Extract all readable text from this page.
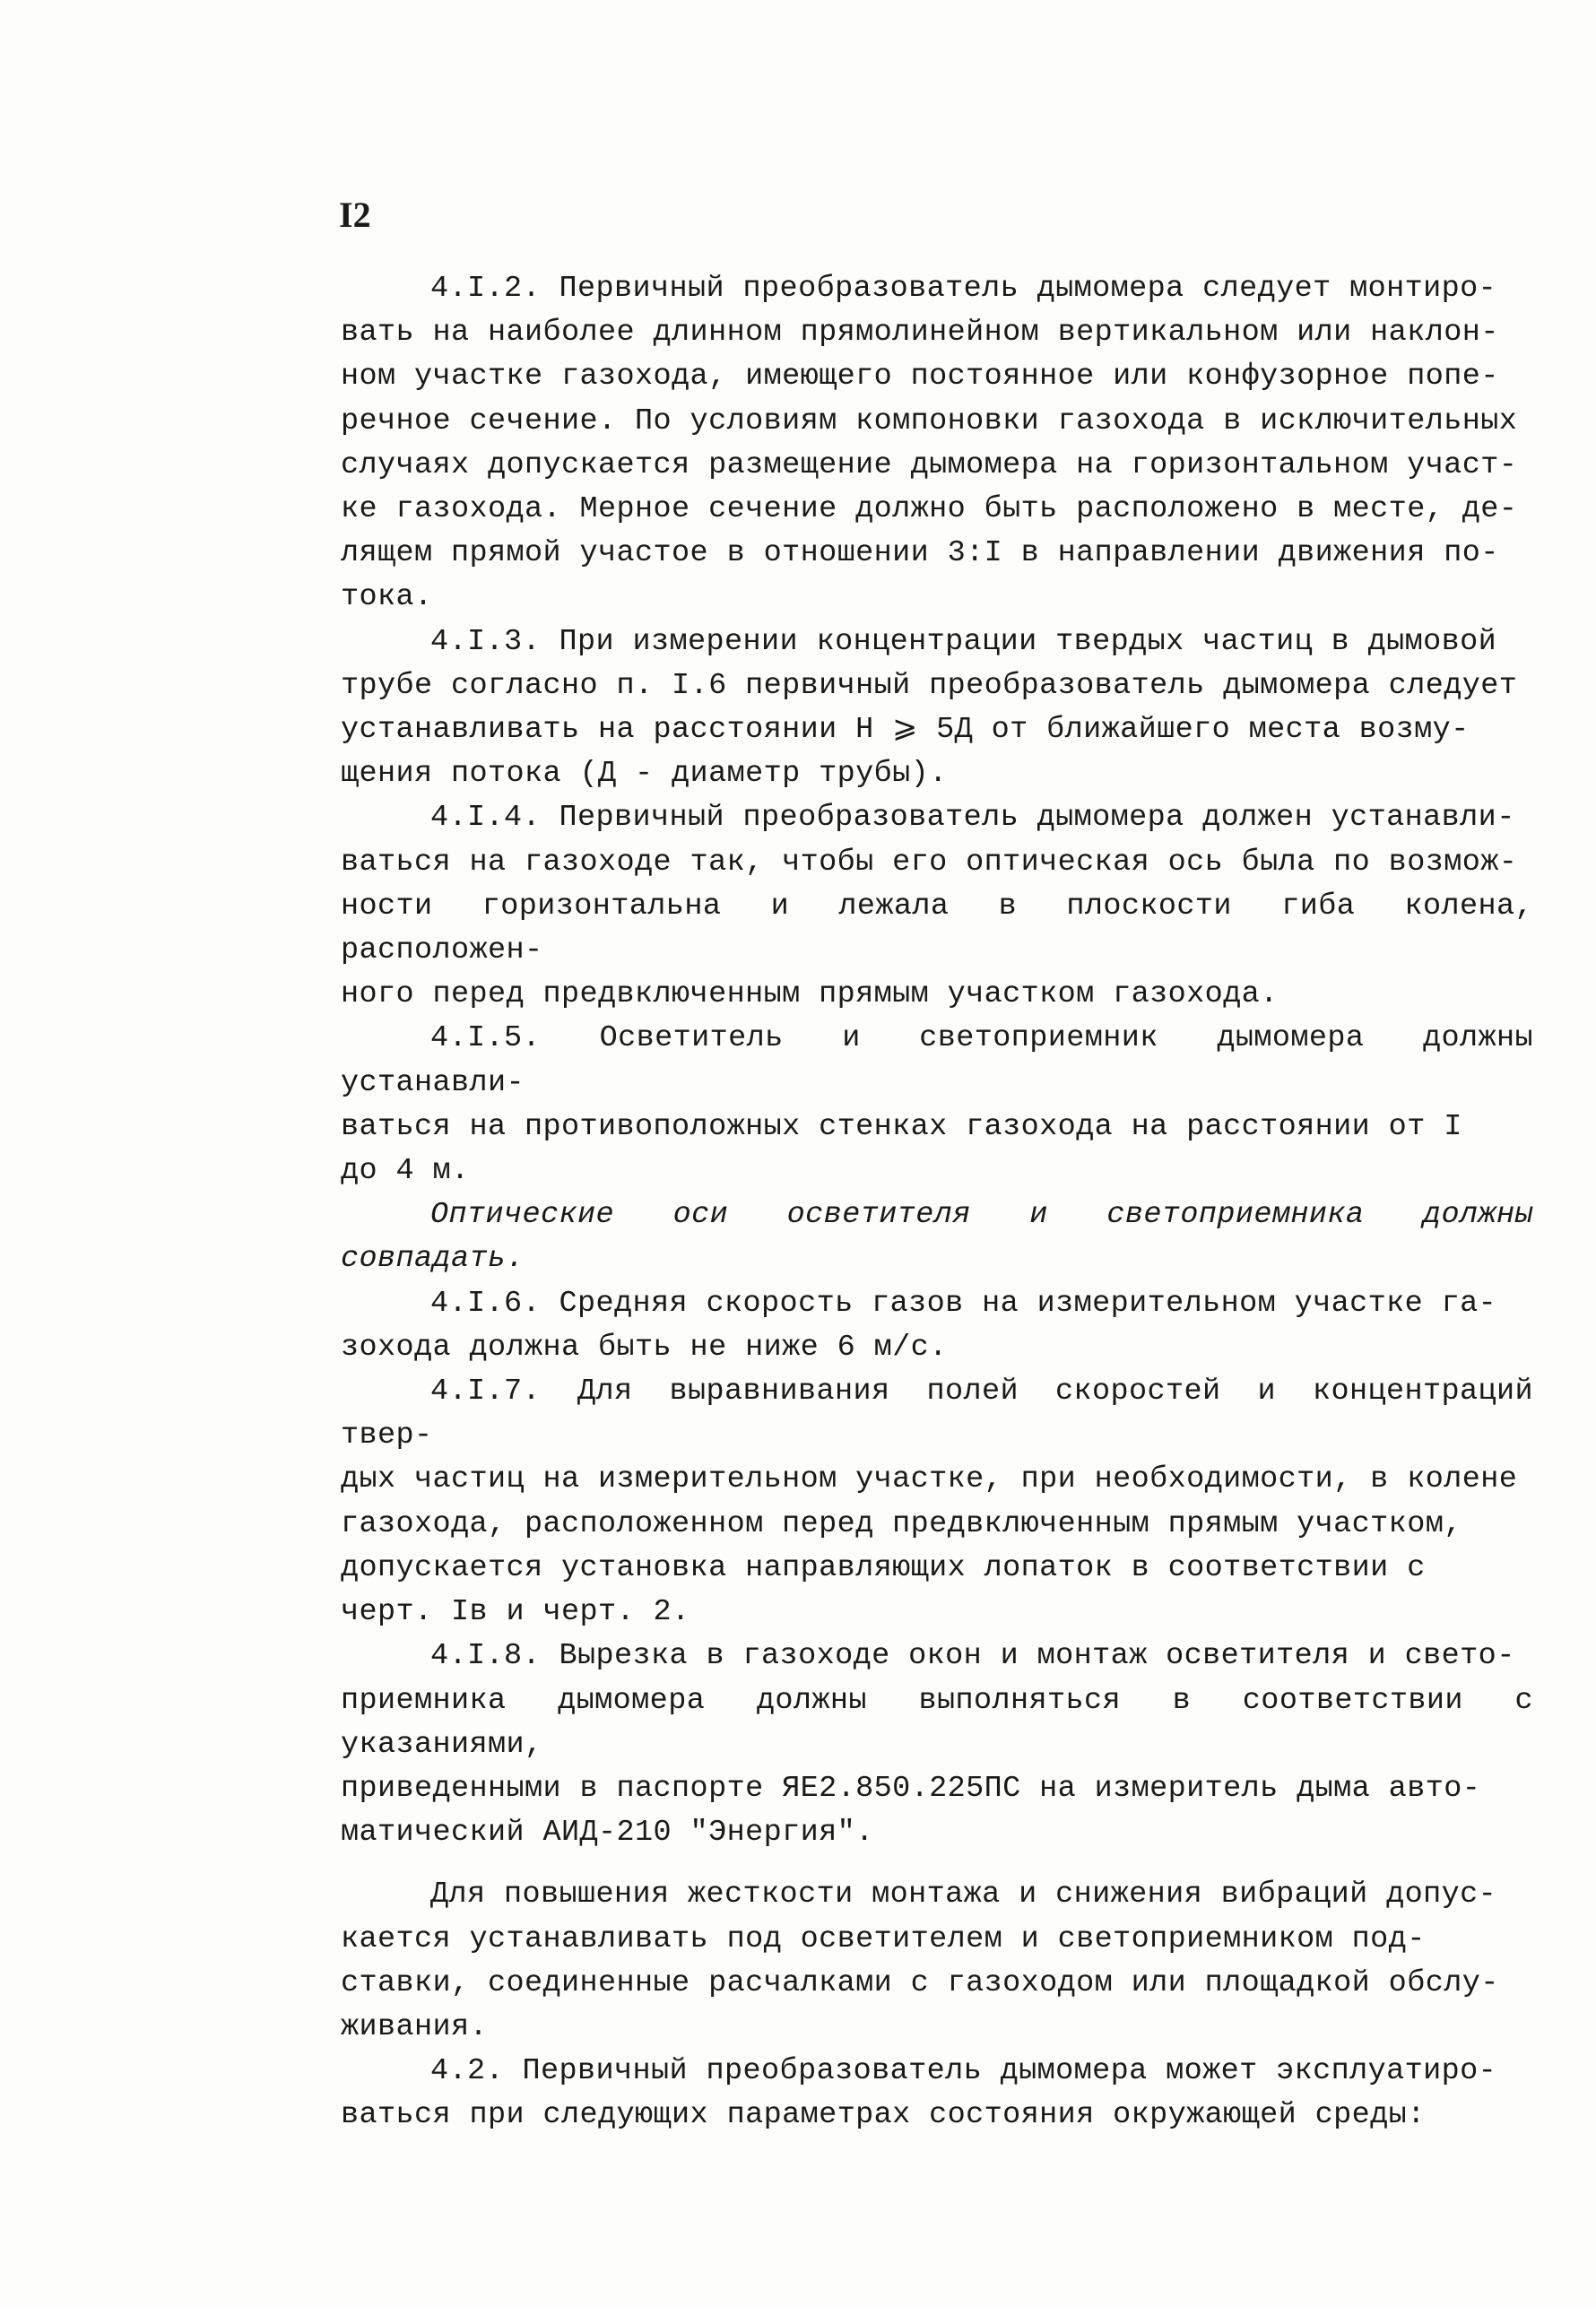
I2

4.I.2. Первичный преобразователь дымомера следует монтиро-
вать на наиболее длинном прямолинейном вертикальном или наклон-
ном участке газохода, имеющего постоянное или конфузорное попе-
речное сечение. По условиям компоновки газохода в исключительных
случаях допускается размещение дымомера на горизонтальном участ-
ке газохода. Мерное сечение должно быть расположено в месте, де-
лящем прямой участое в отношении 3:I в направлении движения по-
тока.

4.I.3. При измерении концентрации твердых частиц в дымовой
трубе согласно п. I.6 первичный преобразователь дымомера следует
устанавливать на расстоянии H ⩾ 5Д от ближайшего места возму-
щения потока (Д - диаметр трубы).

4.I.4. Первичный преобразователь дымомера должен устанавли-
ваться на газоходе так, чтобы его оптическая ось была по возмож-
ности горизонтальна и лежала в плоскости гиба колена, расположен-
ного перед предвключенным прямым участком газохода.

4.I.5. Осветитель и светоприемник дымомера должны устанавли-
ваться на противоположных стенках газохода на расстоянии от I
до 4 м.

Оптические оси осветителя и светоприемника должны совпадать.

4.I.6. Средняя скорость газов на измерительном участке га-
зохода должна быть не ниже 6 м/с.

4.I.7. Для выравнивания полей скоростей и концентраций твер-
дых частиц на измерительном участке, при необходимости, в колене
газохода, расположенном перед предвключенным прямым участком,
допускается установка направляющих лопаток в соответствии с
черт. Iв и черт. 2.

4.I.8. Вырезка в газоходе окон и монтаж осветителя и свето-
приемника дымомера должны выполняться в соответствии с указаниями,
приведенными в паспорте ЯЕ2.850.225ПС на измеритель дыма авто-
матический АИД-210 "Энергия".

Для повышения жесткости монтажа и снижения вибраций допус-
кается устанавливать под осветителем и светоприемником под-
ставки, соединенные расчалками с газоходом или площадкой обслу-
живания.

4.2. Первичный преобразователь дымомера может эксплуатиро-
ваться при следующих параметрах состояния окружающей среды:
